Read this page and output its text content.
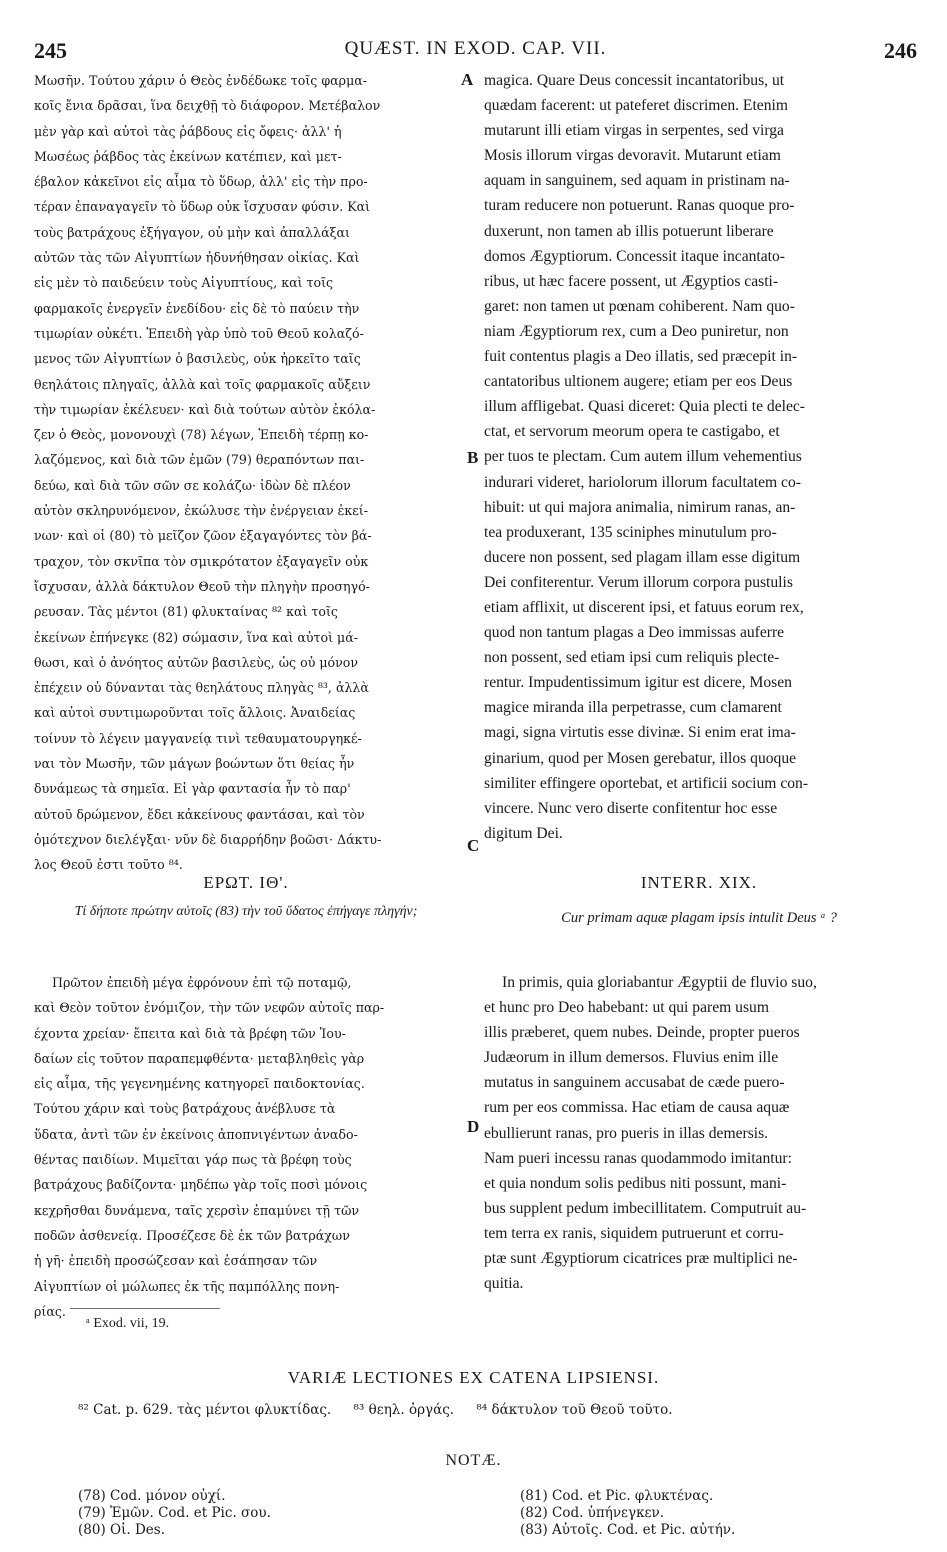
245	QUÆST. IN EXOD. CAP. VII.	246
Μωσῆν. Τούτου χάριν ὁ Θεὸς ἐνδέδωκε τοῖς φαρμα-
κοῖς ἔνια δρᾶσαι, ἵνα δειχθῇ τὸ διάφορον. Μετέβαλον
μὲν γὰρ καὶ αὐτοὶ τὰς ῥάβδους εἰς ὄφεις· ἀλλ' ἡ
Μωσέως ῥάβδος τὰς ἐκείνων κατέπιεν, καὶ μετ-
έβαλον κἀκεῖνοι εἰς αἷμα τὸ ὕδωρ, ἀλλ' εἰς τὴν προ-
τέραν ἐπαναγαγεῖν τὸ ὕδωρ οὐκ ἴσχυσαν φύσιν. Καὶ
τοὺς βατράχους ἐξήγαγον, οὐ μὴν καὶ ἀπαλλάξαι
αὐτῶν τὰς τῶν Αἰγυπτίων ἠδυνήθησαν οἰκίας. Καὶ
εἰς μὲν τὸ παιδεύειν τοὺς Αἰγυπτίους, καὶ τοῖς
φαρμακοῖς ἐνεργεῖν ἐνεδίδου· εἰς δὲ τὸ παύειν τὴν
τιμωρίαν οὐκέτι. Ἐπειδὴ γὰρ ὑπὸ τοῦ Θεοῦ κολαζό-
μενος τῶν Αἰγυπτίων ὁ βασιλεὺς, οὐκ ἠρκεῖτο ταῖς
θεηλάτοις πληγαῖς, ἀλλὰ καὶ τοῖς φαρμακοῖς αὔξειν
τὴν τιμωρίαν ἐκέλευεν· καὶ διὰ τούτων αὐτὸν ἐκόλα-
ζεν ὁ Θεὸς, μονονουχὶ (78) λέγων, Ἐπειδὴ τέρπῃ κο-
λαζόμενος, καὶ διὰ τῶν ἐμῶν (79) θεραπόντων παι-
δεύω, καὶ διὰ τῶν σῶν σε κολάζω· ἰδὼν δὲ πλέον
αὐτὸν σκληρυνόμενον, ἐκώλυσε τὴν ἐνέργειαν ἐκεί-
νων· καὶ οἱ (80) τὸ μεῖζον ζῶον ἐξαγαγόντες τὸν βά-
τραχον, τὸν σκνῖπα τὸν σμικρότατον ἐξαγαγεῖν οὐκ
ἴσχυσαν, ἀλλὰ δάκτυλον Θεοῦ τὴν πληγὴν προσηγό-
ρευσαν. Τὰς μέντοι (81) φλυκταίνας ⁸² καὶ τοῖς
ἐκείνων ἐπήνεγκε (82) σώμασιν, ἵνα καὶ αὐτοὶ μά-
θωσι, καὶ ὁ ἀνόητος αὐτῶν βασιλεὺς, ὡς οὐ μόνον
ἐπέχειν οὐ δύνανται τὰς θεηλάτους πληγὰς ⁸³, ἀλλὰ
καὶ αὐτοὶ συντιμωροῦνται τοῖς ἄλλοις. Ἀναιδείας
τοίνυν τὸ λέγειν μαγγανείᾳ τινὶ τεθαυματουργηκέ-
ναι τὸν Μωσῆν, τῶν μάγων βοώντων ὅτι θείας ἦν
δυνάμεως τὰ σημεῖα. Εἰ γὰρ φαντασία ἦν τὸ παρ'
αὐτοῦ δρώμενον, ἔδει κἀκείνους φαντάσαι, καὶ τὸν
ὁμότεχνον διελέγξαι· νῦν δὲ διαρρήδην βοῶσι· Δάκτυ-
λος Θεοῦ ἐστι τοῦτο ⁸⁴.
magica. Quare Deus concessit incantatoribus, ut
quædam facerent: ut pateferet discrimen. Etenim
mutarunt illi etiam virgas in serpentes, sed virga
Mosis illorum virgas devoravit. Mutarunt etiam
aquam in sanguinem, sed aquam in pristinam na-
turam reducere non potuerunt. Ranas quoque pro-
duxerunt, non tamen ab illis potuerunt liberare
domos Ægyptiorum. Concessit itaque incantato-
ribus, ut hæc facere possent, ut Ægyptios casti-
garet: non tamen ut pœnam cohiberent. Nam quo-
niam Ægyptiorum rex, cum a Deo puniretur, non
fuit contentus plagis a Deo illatis, sed præcepit in-
cantatoribus ultionem augere; etiam per eos Deus
illum affligebat. Quasi diceret: Quia plecti te delec-
ctat, et servorum meorum opera te castigabo, et
per tuos te plectam. Cum autem illum vehementius
indurari videret, hariolorum illorum facultatem co-
hibuit: ut qui majora animalia, nimirum ranas, an-
tea produxerant, 135 sciniphes minutulum pro-
ducere non possent, sed plagam illam esse digitum
Dei confiterentur. Verum illorum corpora pustulis
etiam afflixit, ut discerent ipsi, et fatuus eorum rex,
quod non tantum plagas a Deo immissas auferre
non possent, sed etiam ipsi cum reliquis plecte-
rentur. Impudentissimum igitur est dicere, Mosen
magice miranda illa perpetrasse, cum clamarent
magi, signa virtutis esse divinæ. Si enim erat ima-
ginarium, quod per Mosen gerebatur, illos quoque
similiter effingere oportebat, et artificii socium con-
vincere. Nunc vero diserte confitentur hoc esse
digitum Dei.
A
B
C
D
ΕΡΩΤ. ΙΘ'.	INTERR. XIX.
Τί δήποτε πρώτην αὐτοῖς (83) τὴν τοῦ ὕδατος ἐπήγαγε πληγήν;	Cur primam aquæ plagam ipsis intulit Deus ᵃ ?
Πρῶτον ἐπειδὴ μέγα ἐφρόνουν ἐπὶ τῷ ποταμῷ,
καὶ Θεὸν τοῦτον ἐνόμιζον, τὴν τῶν νεφῶν αὐτοῖς παρ-
έχοντα χρείαν· ἔπειτα καὶ διὰ τὰ βρέφη τῶν Ἰου-
δαίων εἰς τοῦτον παραπεμφθέντα· μεταβληθεὶς γὰρ
εἰς αἷμα, τῆς γεγενημένης κατηγορεῖ παιδοκτονίας.
Τούτου χάριν καὶ τοὺς βατράχους ἀνέβλυσε τὰ
ὕδατα, ἀντὶ τῶν ἐν ἐκείνοις ἀποπνιγέντων ἀναδο-
θέντας παιδίων. Μιμεῖται γάρ πως τὰ βρέφη τοὺς
βατράχους βαδίζοντα· μηδέπω γὰρ τοῖς ποσὶ μόνοις
κεχρῆσθαι δυνάμενα, ταῖς χερσὶν ἐπαμύνει τῇ τῶν
ποδῶν ἀσθενείᾳ. Προσέζεσε δὲ ἐκ τῶν βατράχων
ἡ γῆ· ἐπειδὴ προσώζεσαν καὶ ἐσάπησαν τῶν
Αἰγυπτίων οἱ μώλωπες ἐκ τῆς παμπόλλης πονη-
ρίας.
In primis, quia gloriabantur Ægyptii de fluvio suo,
et hunc pro Deo habebant: ut qui parem usum
illis præberet, quem nubes. Deinde, propter pueros
Judæorum in illum demersos. Fluvius enim ille
mutatus in sanguinem accusabat de cæde puero-
rum per eos commissa. Hac etiam de causa aquæ
ebullierunt ranas, pro pueris in illas demersis.
Nam pueri incessu ranas quodammodo imitantur:
et quia nondum solis pedibus niti possunt, mani-
bus supplent pedum imbecillitatem. Computruit au-
tem terra ex ranis, siquidem putruerunt et corru-
ptæ sunt Ægyptiorum cicatrices præ multiplici ne-
quitia.
ᵃ Exod. vii, 19.
VARIÆ LECTIONES EX CATENA LIPSIENSI.
⁸² Cat. p. 629. τὰς μέντοι φλυκτίδας. ⁸³ θεηλ. ὀργάς. ⁸⁴ δάκτυλον τοῦ Θεοῦ τοῦτο.
NOTÆ.
(78) Cod. μόνον οὐχί.
(79) Ἐμῶν. Cod. et Pic. σου.
(80) Οἱ. Des.
(81) Cod. et Pic. φλυκτένας.
(82) Cod. ὑπήνεγκεν.
(83) Αὐτοῖς. Cod. et Pic. αὐτήν.
